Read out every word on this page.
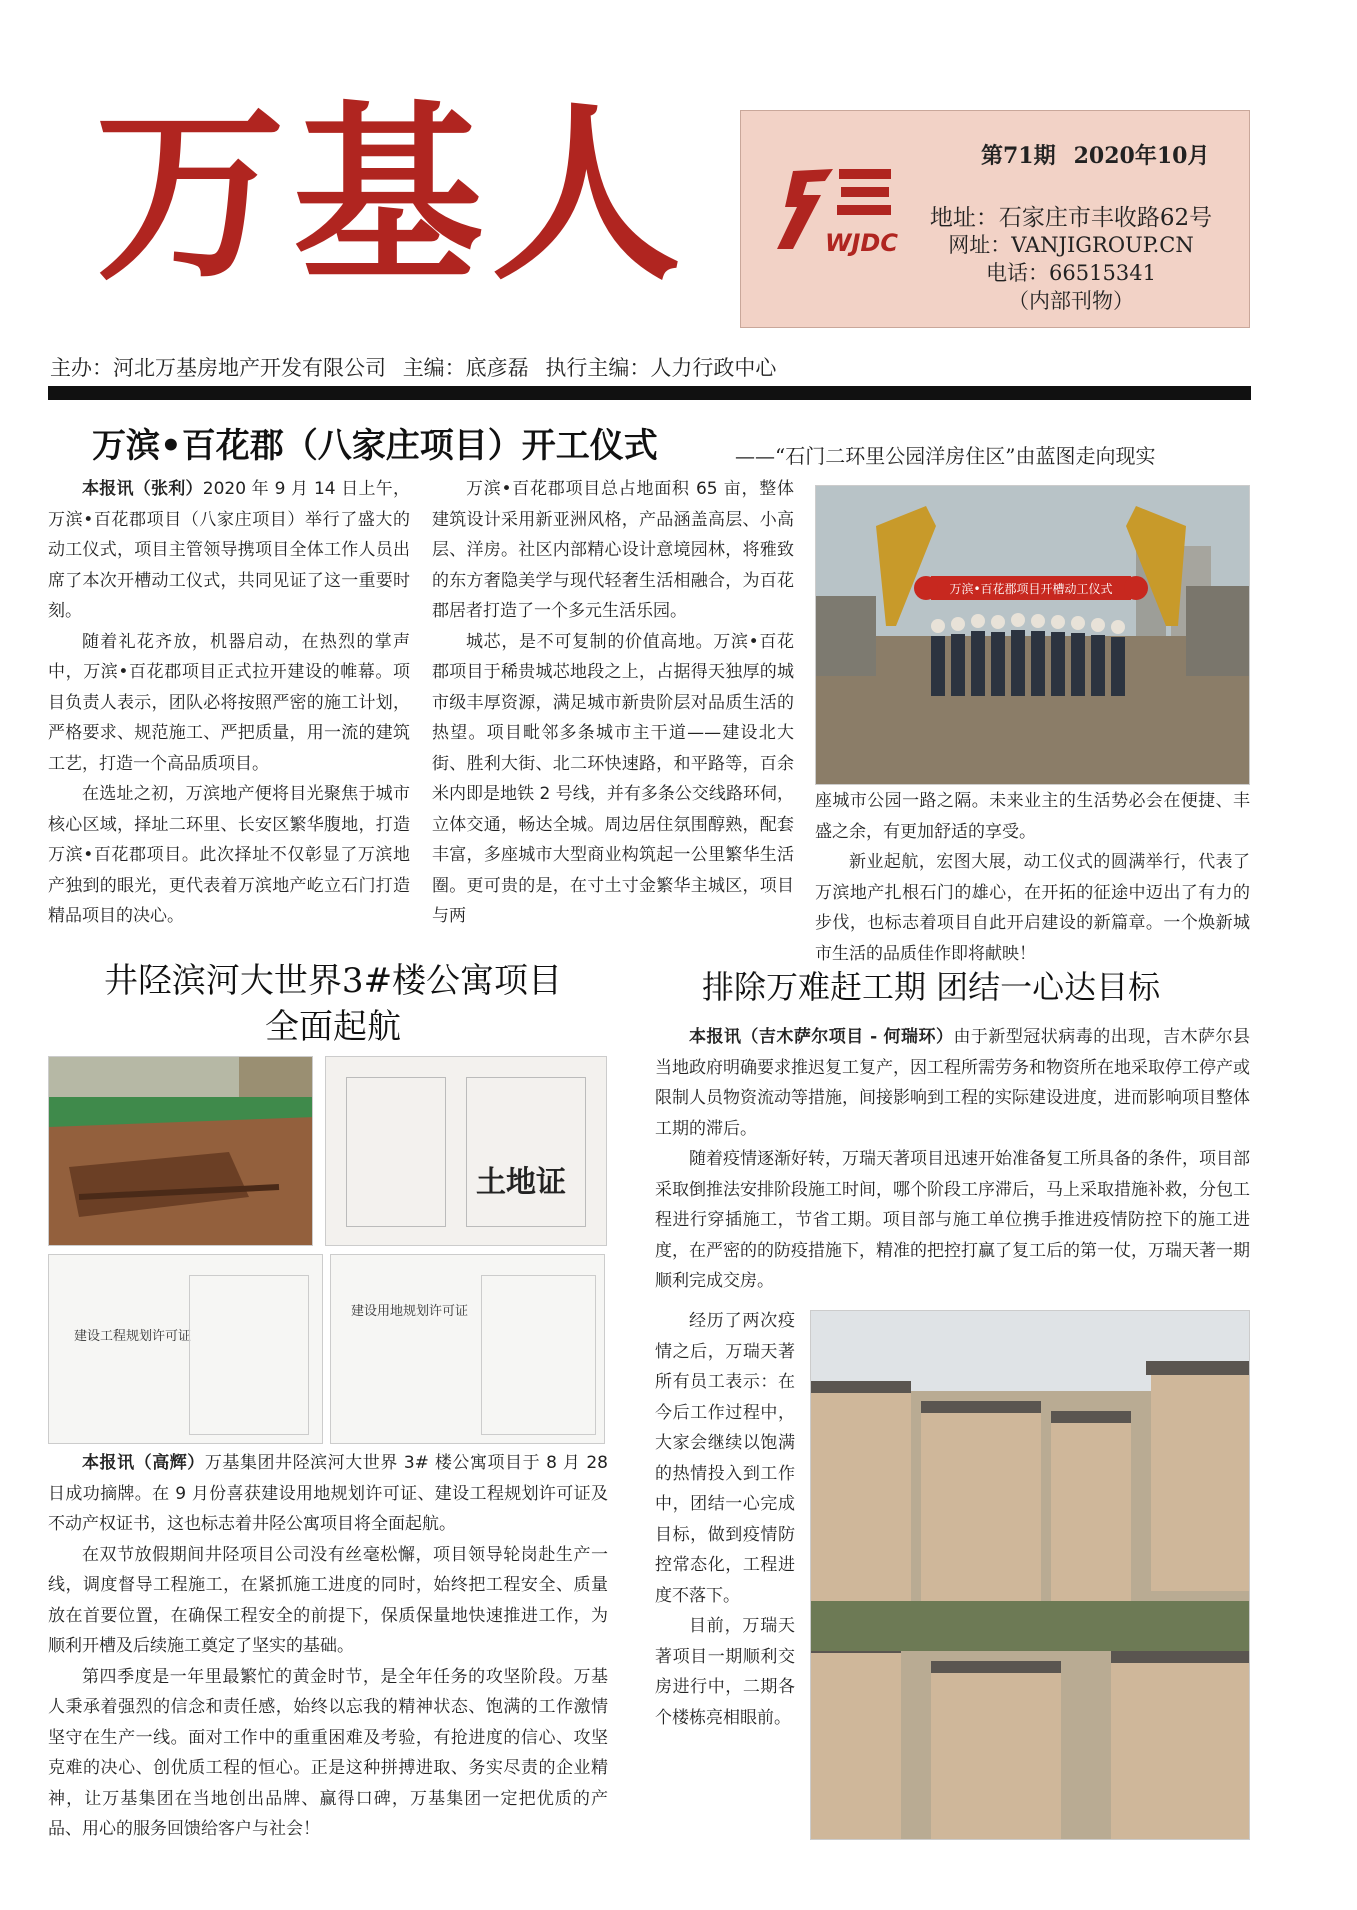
万基人	WJDC
第71期 2020年10月
地址：石家庄市丰收路62号
网址：VANJIGROUP.CN
电话：66515341
（内部刊物）
主办：河北万基房地产开发有限公司 主编：底彦磊 执行主编：人力行政中心
万滨•百花郡（八家庄项目）开工仪式	——“石门二环里公园洋房住区”由蓝图走向现实

本报讯（张利）2020 年 9 月 14 日上午，万滨•百花郡项目（八家庄项目）举行了盛大的动工仪式，项目主管领导携项目全体工作人员出席了本次开槽动工仪式，共同见证了这一重要时刻。

随着礼花齐放，机器启动，在热烈的掌声中，万滨•百花郡项目正式拉开建设的帷幕。项目负责人表示，团队必将按照严密的施工计划，严格要求、规范施工、严把质量，用一流的建筑工艺，打造一个高品质项目。

在选址之初，万滨地产便将目光聚焦于城市核心区域，择址二环里、长安区繁华腹地，打造万滨•百花郡项目。此次择址不仅彰显了万滨地产独到的眼光，更代表着万滨地产屹立石门打造精品项目的决心。

万滨•百花郡项目总占地面积 65 亩，整体建筑设计采用新亚洲风格，产品涵盖高层、小高层、洋房。社区内部精心设计意境园林，将雅致的东方奢隐美学与现代轻奢生活相融合，为百花郡居者打造了一个多元生活乐园。

城芯，是不可复制的价值高地。万滨•百花郡项目于稀贵城芯地段之上，占据得天独厚的城市级丰厚资源，满足城市新贵阶层对品质生活的热望。项目毗邻多条城市主干道——建设北大街、胜利大街、北二环快速路，和平路等，百余米内即是地铁 2 号线，并有多条公交线路环伺，立体交通，畅达全城。周边居住氛围醇熟，配套丰富，多座城市大型商业构筑起一公里繁华生活圈。更可贵的是，在寸土寸金繁华主城区，项目与两

万滨•百花郡项目开槽动工仪式

座城市公园一路之隔。未来业主的生活势必会在便捷、丰盛之余，有更加舒适的享受。

新业起航，宏图大展，动工仪式的圆满举行，代表了万滨地产扎根石门的雄心，在开拓的征途中迈出了有力的步伐，也标志着项目自此开启建设的新篇章。一个焕新城市生活的品质佳作即将献映！

井陉滨河大世界3#楼公寓项目
全面起航
土地证
建设工程规划许可证
建设用地规划许可证

本报讯（高辉）万基集团井陉滨河大世界 3# 楼公寓项目于 8 月 28 日成功摘牌。在 9 月份喜获建设用地规划许可证、建设工程规划许可证及不动产权证书，这也标志着井陉公寓项目将全面起航。

在双节放假期间井陉项目公司没有丝毫松懈，项目领导轮岗赴生产一线，调度督导工程施工，在紧抓施工进度的同时，始终把工程安全、质量放在首要位置，在确保工程安全的前提下，保质保量地快速推进工作，为顺利开槽及后续施工奠定了坚实的基础。

第四季度是一年里最繁忙的黄金时节，是全年任务的攻坚阶段。万基人秉承着强烈的信念和责任感，始终以忘我的精神状态、饱满的工作激情坚守在生产一线。面对工作中的重重困难及考验，有抢进度的信心、攻坚克难的决心、创优质工程的恒心。正是这种拼搏进取、务实尽责的企业精神，让万基集团在当地创出品牌、赢得口碑，万基集团一定把优质的产品、用心的服务回馈给客户与社会！

排除万难赶工期 团结一心达目标

本报讯（吉木萨尔项目 - 何瑞环）由于新型冠状病毒的出现，吉木萨尔县当地政府明确要求推迟复工复产，因工程所需劳务和物资所在地采取停工停产或限制人员物资流动等措施，间接影响到工程的实际建设进度，进而影响项目整体工期的滞后。

随着疫情逐渐好转，万瑞天著项目迅速开始准备复工所具备的条件，项目部采取倒推法安排阶段施工时间，哪个阶段工序滞后，马上采取措施补救，分包工程进行穿插施工，节省工期。项目部与施工单位携手推进疫情防控下的施工进度，在严密的的防疫措施下，精准的把控打赢了复工后的第一仗，万瑞天著一期顺利完成交房。

经历了两次疫情之后，万瑞天著所有员工表示：在今后工作过程中，大家会继续以饱满的热情投入到工作中，团结一心完成目标，做到疫情防控常态化，工程进度不落下。

目前，万瑞天著项目一期顺利交房进行中，二期各个楼栋亮相眼前。
